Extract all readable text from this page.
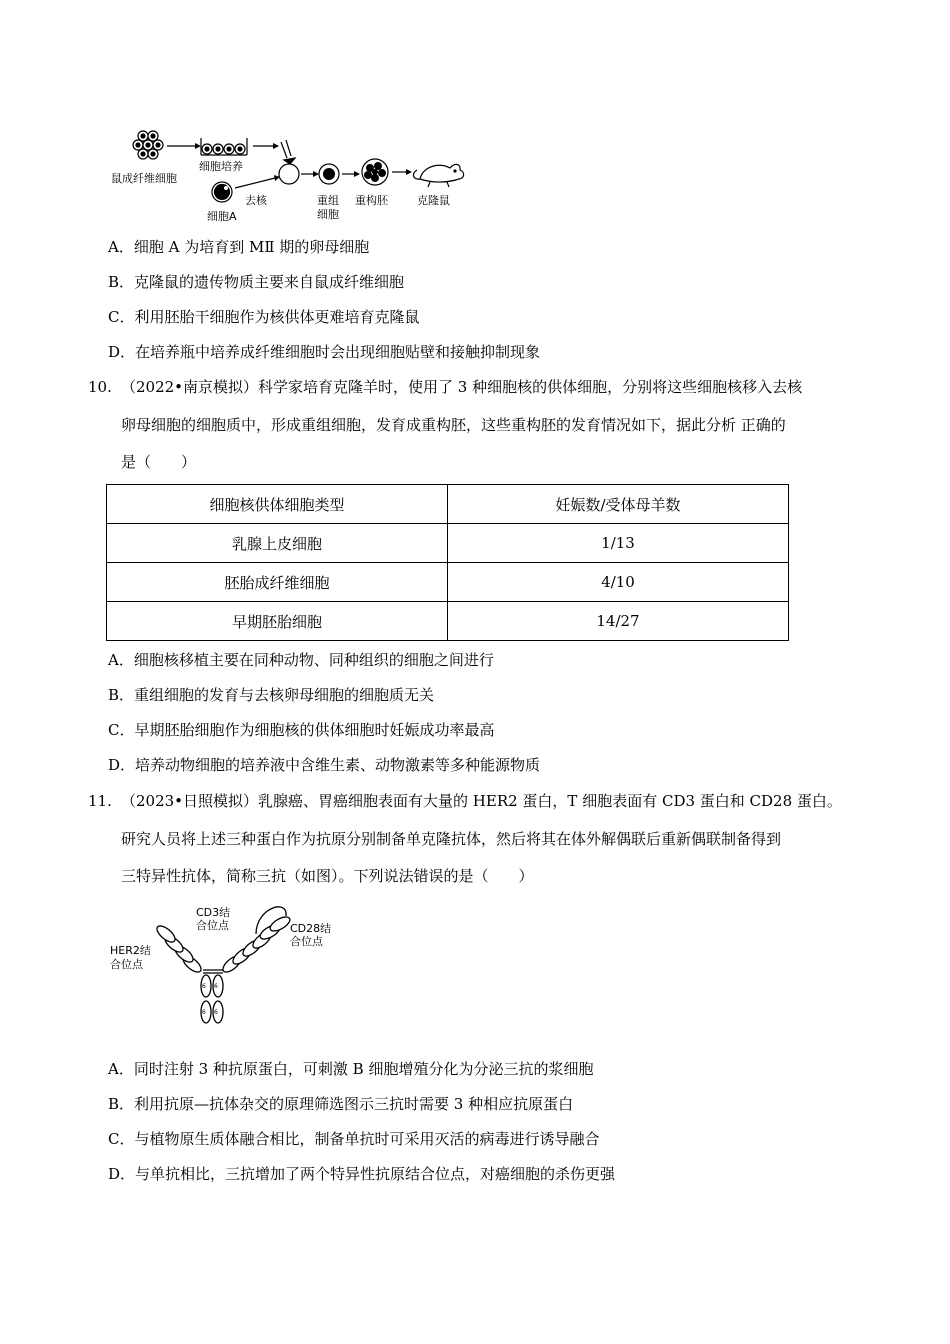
鼠成纤维细胞
细胞培养
去核
细胞A
重组
细胞
重构胚	克隆鼠
A．细胞 A 为培育到 MⅡ 期的卵母细胞
B．克隆鼠的遗传物质主要来自鼠成纤维细胞
C．利用胚胎干细胞作为核供体更难培育克隆鼠
D．在培养瓶中培养成纤维细胞时会出现细胞贴壁和接触抑制现象
10. （2022•南京模拟）科学家培育克隆羊时，使用了 3 种细胞核的供体细胞，分别将这些细胞核移入去核
卵母细胞的细胞质中，形成重组细胞，发育成重构胚，这些重构胚的发育情况如下，据此分析 正确的
是（　　）
细胞核供体细胞类型	妊娠数/受体母羊数
乳腺上皮细胞	1/13
胚胎成纤维细胞	4/10
早期胚胎细胞	14/27
A．细胞核移植主要在同种动物、同种组织的细胞之间进行
B．重组细胞的发育与去核卵母细胞的细胞质无关
C．早期胚胎细胞作为细胞核的供体细胞时妊娠成功率最高
D．培养动物细胞的培养液中含维生素、动物激素等多种能源物质
11. （2023•日照模拟）乳腺癌、胃癌细胞表面有大量的 HER2 蛋白，T 细胞表面有 CD3 蛋白和 CD28 蛋白。
研究人员将上述三种蛋白作为抗原分别制备单克隆抗体，然后将其在体外解偶联后重新偶联制备得到
三特异性抗体，简称三抗（如图）。下列说法错误的是（　　）
6 6
6 6
CD3结
合位点	CD28结
合位点
HER2结
合位点
A．同时注射 3 种抗原蛋白，可刺激 B 细胞增殖分化为分泌三抗的浆细胞
B．利用抗原—抗体杂交的原理筛选图示三抗时需要 3 种相应抗原蛋白
C．与植物原生质体融合相比，制备单抗时可采用灭活的病毒进行诱导融合
D．与单抗相比，三抗增加了两个特异性抗原结合位点，对癌细胞的杀伤更强
